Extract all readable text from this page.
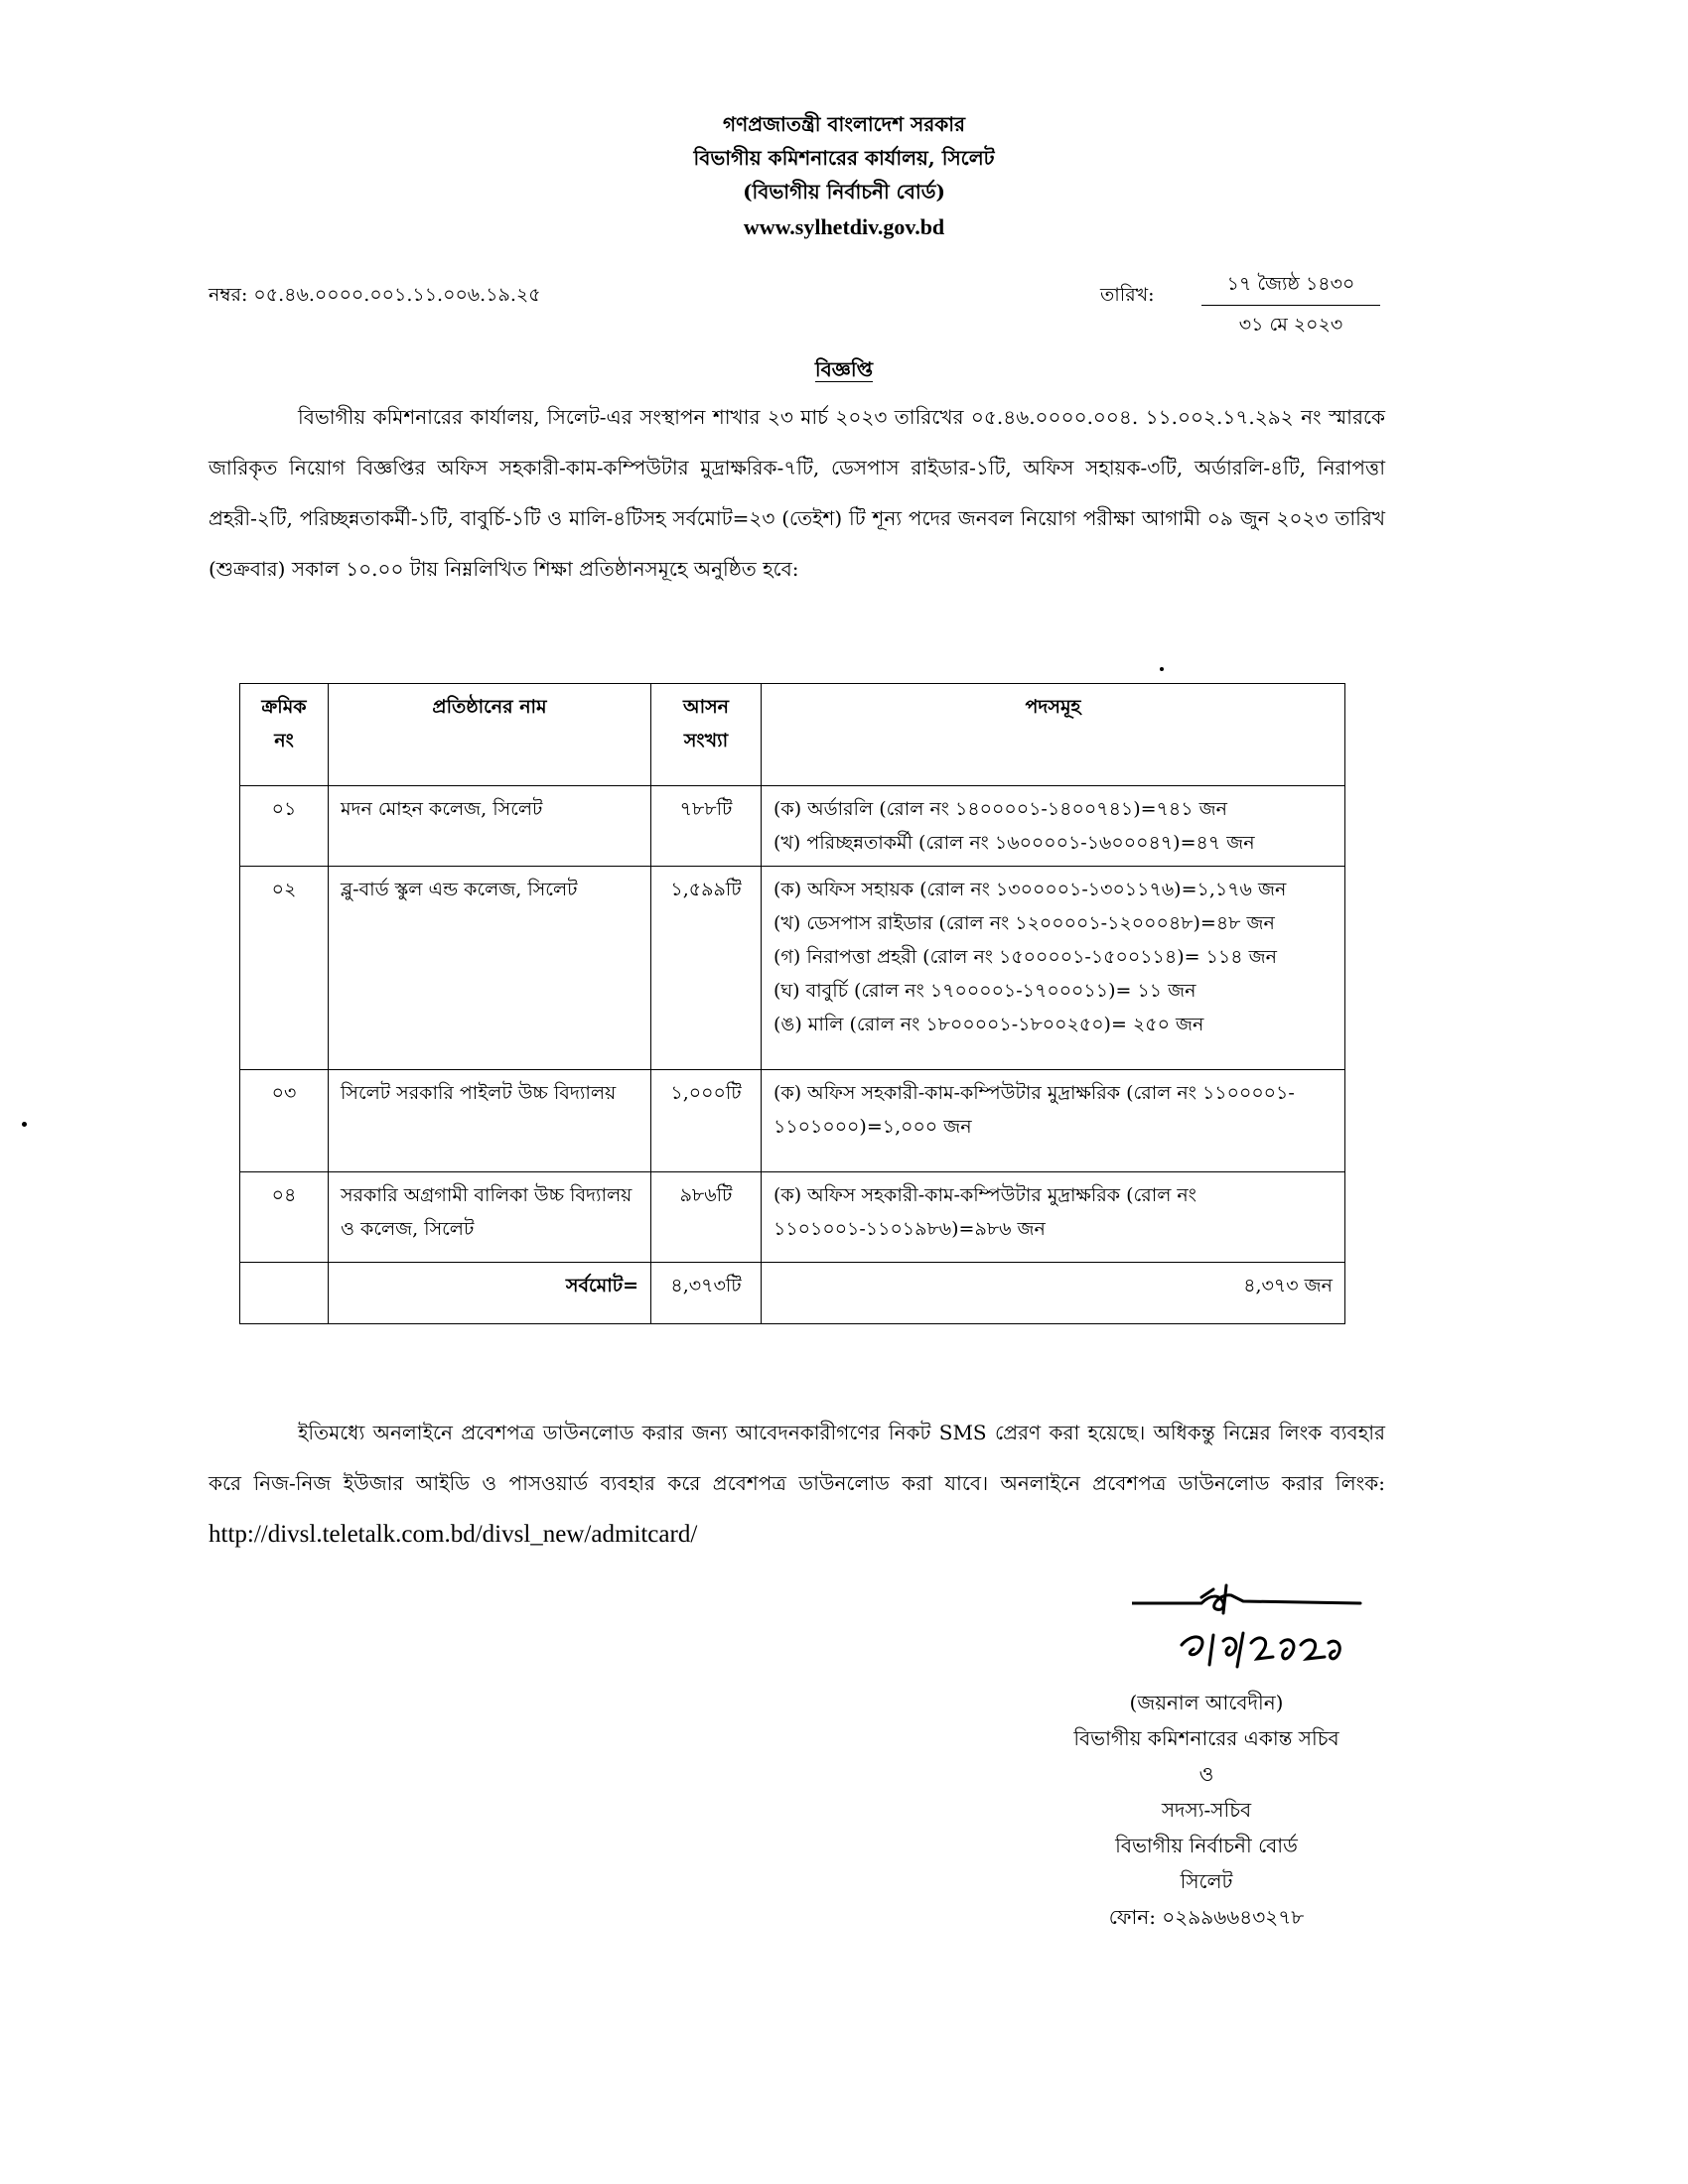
গণপ্রজাতন্ত্রী বাংলাদেশ সরকার
বিভাগীয় কমিশনারের কার্যালয়, সিলেট
(বিভাগীয় নির্বাচনী বোর্ড)
www.sylhetdiv.gov.bd
নম্বর: ০৫.৪৬.০০০০.০০১.১১.০০৬.১৯.২৫	তারিখ:	১৭ জ্যৈষ্ঠ ১৪৩০
৩১ মে ২০২৩
বিজ্ঞপ্তি

বিভাগীয় কমিশনারের কার্যালয়, সিলেট-এর সংস্থাপন শাখার ২৩ মার্চ ২০২৩ তারিখের ০৫.৪৬.০০০০.০০৪. ১১.০০২.১৭.২৯২ নং স্মারকে জারিকৃত নিয়োগ বিজ্ঞপ্তির অফিস সহকারী-কাম-কম্পিউটার মুদ্রাক্ষরিক-৭টি, ডেসপাস রাইডার-১টি, অফিস সহায়ক-৩টি, অর্ডারলি-৪টি, নিরাপত্তা প্রহরী-২টি, পরিচ্ছন্নতাকর্মী-১টি, বাবুর্চি-১টি ও মালি-৪টিসহ সর্বমোট=২৩ (তেইশ) টি শূন্য পদের জনবল নিয়োগ পরীক্ষা আগামী ০৯ জুন ২০২৩ তারিখ (শুক্রবার) সকাল ১০.০০ টায় নিম্নলিখিত শিক্ষা প্রতিষ্ঠানসমূহে অনুষ্ঠিত হবে:

ক্রমিক নং	প্রতিষ্ঠানের নাম	আসন সংখ্যা	পদসমূহ
০১	মদন মোহন কলেজ, সিলেট	৭৮৮টি	(ক) অর্ডারলি (রোল নং ১৪০০০০১-১৪০০৭৪১)=৭৪১ জন
(খ) পরিচ্ছন্নতাকর্মী (রোল নং ১৬০০০০১-১৬০০০৪৭)=৪৭ জন

০২	ব্লু-বার্ড স্কুল এন্ড কলেজ, সিলেট	১,৫৯৯টি	(ক) অফিস সহায়ক (রোল নং ১৩০০০০১-১৩০১১৭৬)=১,১৭৬ জন
(খ) ডেসপাস রাইডার (রোল নং ১২০০০০১-১২০০০৪৮)=৪৮ জন
(গ) নিরাপত্তা প্রহরী (রোল নং ১৫০০০০১-১৫০০১১৪)= ১১৪ জন
(ঘ) বাবুর্চি (রোল নং ১৭০০০০১-১৭০০০১১)= ১১ জন
(ঙ) মালি (রোল নং ১৮০০০০১-১৮০০২৫০)= ২৫০ জন

০৩	সিলেট সরকারি পাইলট উচ্চ বিদ্যালয়	১,০০০টি	(ক) অফিস সহকারী-কাম-কম্পিউটার মুদ্রাক্ষরিক (রোল নং ১১০০০০১- ১১০১০০০)=১,০০০ জন

০৪	সরকারি অগ্রগামী বালিকা উচ্চ বিদ্যালয় ও কলেজ, সিলেট	৯৮৬টি	(ক) অফিস সহকারী-কাম-কম্পিউটার মুদ্রাক্ষরিক (রোল নং ১১০১০০১-১১০১৯৮৬)=৯৮৬ জন

	সর্বমোট=	৪,৩৭৩টি	৪,৩৭৩ জন

ইতিমধ্যে অনলাইনে প্রবেশপত্র ডাউনলোড করার জন্য আবেদনকারীগণের নিকট SMS প্রেরণ করা হয়েছে। অধিকন্তু নিম্নের লিংক ব্যবহার করে নিজ-নিজ ইউজার আইডি ও পাসওয়ার্ড ব্যবহার করে প্রবেশপত্র ডাউনলোড করা যাবে। অনলাইনে প্রবেশপত্র ডাউনলোড করার লিংক: http://divsl.teletalk.com.bd/divsl_new/admitcard/

(জয়নাল আবেদীন)
বিভাগীয় কমিশনারের একান্ত সচিব
ও
সদস্য-সচিব
বিভাগীয় নির্বাচনী বোর্ড
সিলেট
ফোন: ০২৯৯৬৬৪৩২৭৮
